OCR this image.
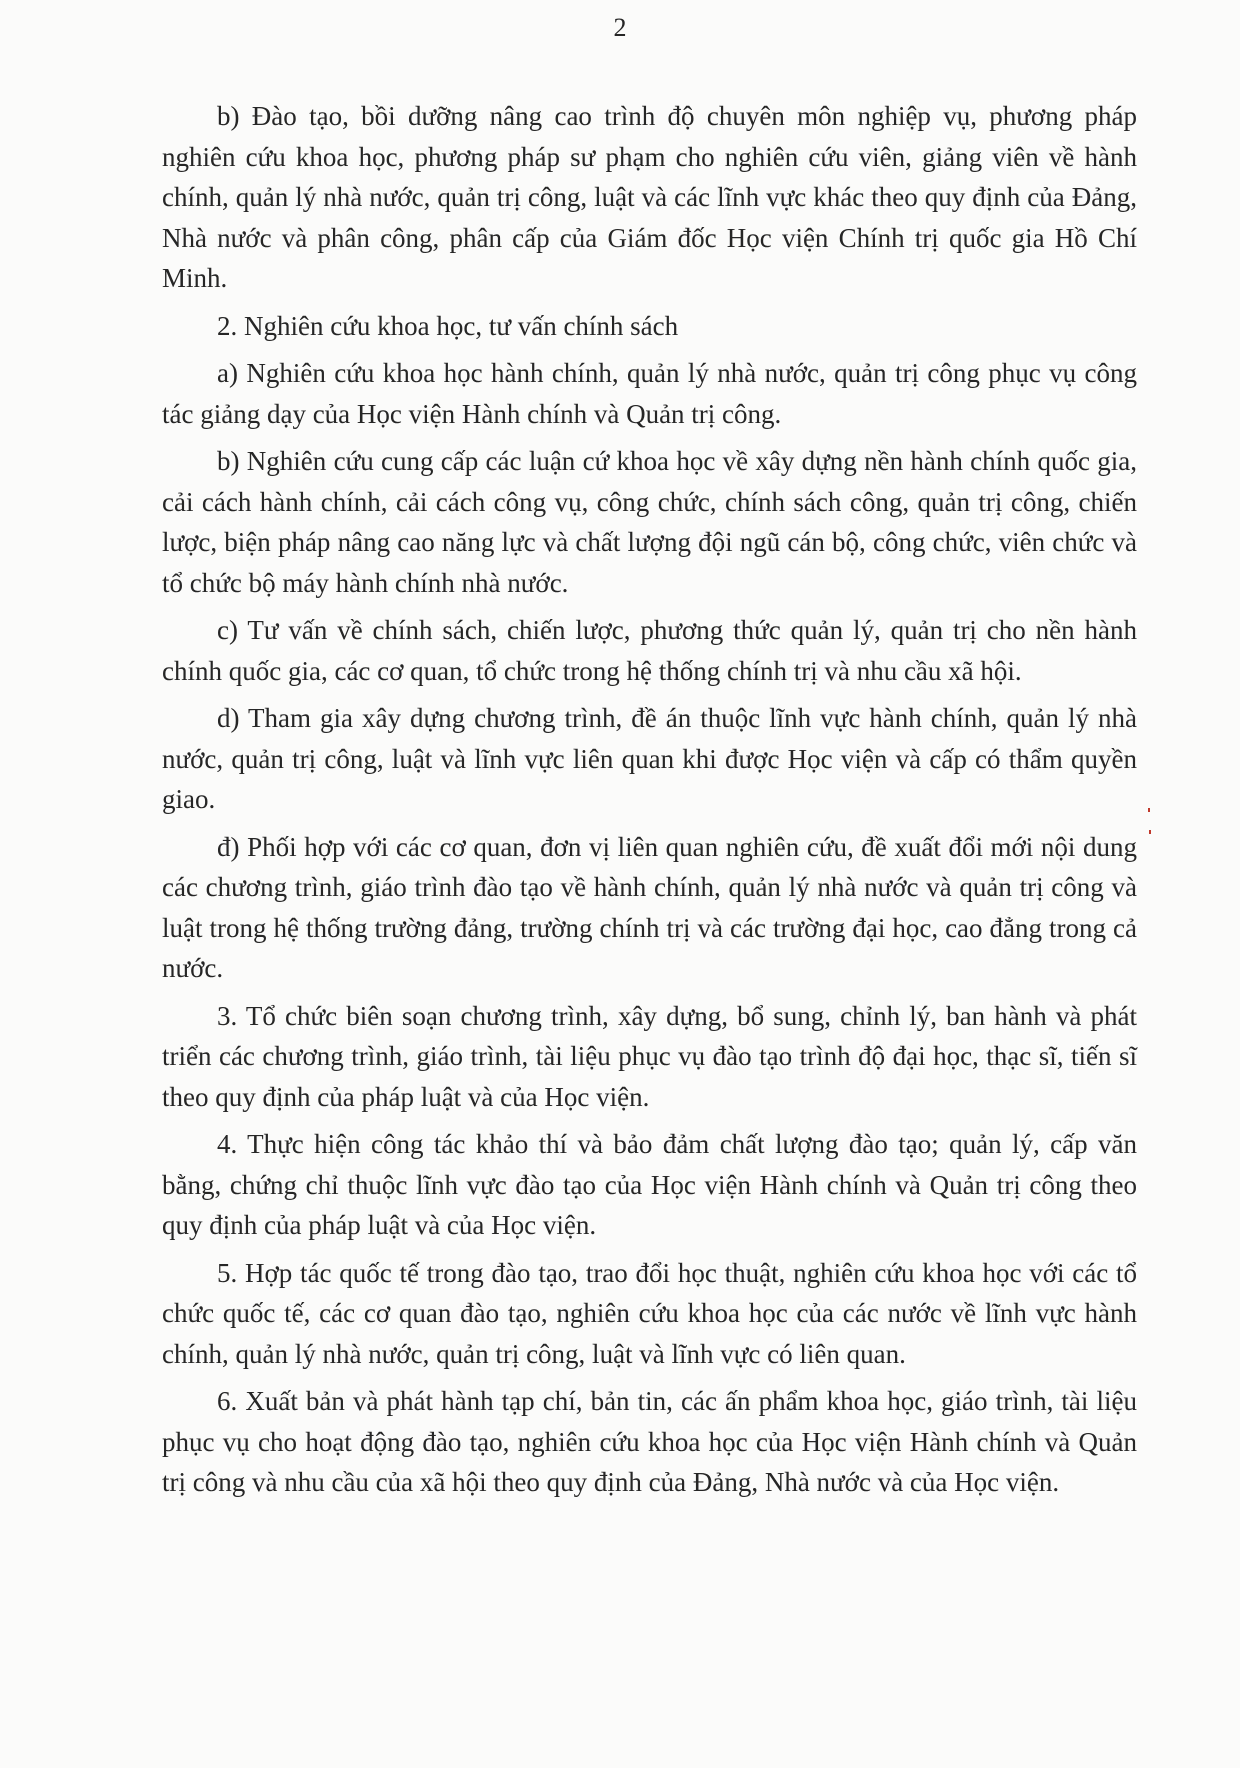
2

b) Đào tạo, bồi dưỡng nâng cao trình độ chuyên môn nghiệp vụ, phương pháp nghiên cứu khoa học, phương pháp sư phạm cho nghiên cứu viên, giảng viên về hành chính, quản lý nhà nước, quản trị công, luật và các lĩnh vực khác theo quy định của Đảng, Nhà nước và phân công, phân cấp của Giám đốc Học viện Chính trị quốc gia Hồ Chí Minh.

2. Nghiên cứu khoa học, tư vấn chính sách

a) Nghiên cứu khoa học hành chính, quản lý nhà nước, quản trị công phục vụ công tác giảng dạy của Học viện Hành chính và Quản trị công.

b) Nghiên cứu cung cấp các luận cứ khoa học về xây dựng nền hành chính quốc gia, cải cách hành chính, cải cách công vụ, công chức, chính sách công, quản trị công, chiến lược, biện pháp nâng cao năng lực và chất lượng đội ngũ cán bộ, công chức, viên chức và tổ chức bộ máy hành chính nhà nước.

c) Tư vấn về chính sách, chiến lược, phương thức quản lý, quản trị cho nền hành chính quốc gia, các cơ quan, tổ chức trong hệ thống chính trị và nhu cầu xã hội.

d) Tham gia xây dựng chương trình, đề án thuộc lĩnh vực hành chính, quản lý nhà nước, quản trị công, luật và lĩnh vực liên quan khi được Học viện và cấp có thẩm quyền giao.

đ) Phối hợp với các cơ quan, đơn vị liên quan nghiên cứu, đề xuất đổi mới nội dung các chương trình, giáo trình đào tạo về hành chính, quản lý nhà nước và quản trị công và luật trong hệ thống trường đảng, trường chính trị và các trường đại học, cao đẳng trong cả nước.

3. Tổ chức biên soạn chương trình, xây dựng, bổ sung, chỉnh lý, ban hành và phát triển các chương trình, giáo trình, tài liệu phục vụ đào tạo trình độ đại học, thạc sĩ, tiến sĩ theo quy định của pháp luật và của Học viện.

4. Thực hiện công tác khảo thí và bảo đảm chất lượng đào tạo; quản lý, cấp văn bằng, chứng chỉ thuộc lĩnh vực đào tạo của Học viện Hành chính và Quản trị công theo quy định của pháp luật và của Học viện.

5. Hợp tác quốc tế trong đào tạo, trao đổi học thuật, nghiên cứu khoa học với các tổ chức quốc tế, các cơ quan đào tạo, nghiên cứu khoa học của các nước về lĩnh vực hành chính, quản lý nhà nước, quản trị công, luật và lĩnh vực có liên quan.

6. Xuất bản và phát hành tạp chí, bản tin, các ấn phẩm khoa học, giáo trình, tài liệu phục vụ cho hoạt động đào tạo, nghiên cứu khoa học của Học viện Hành chính và Quản trị công và nhu cầu của xã hội theo quy định của Đảng, Nhà nước và của Học viện.
